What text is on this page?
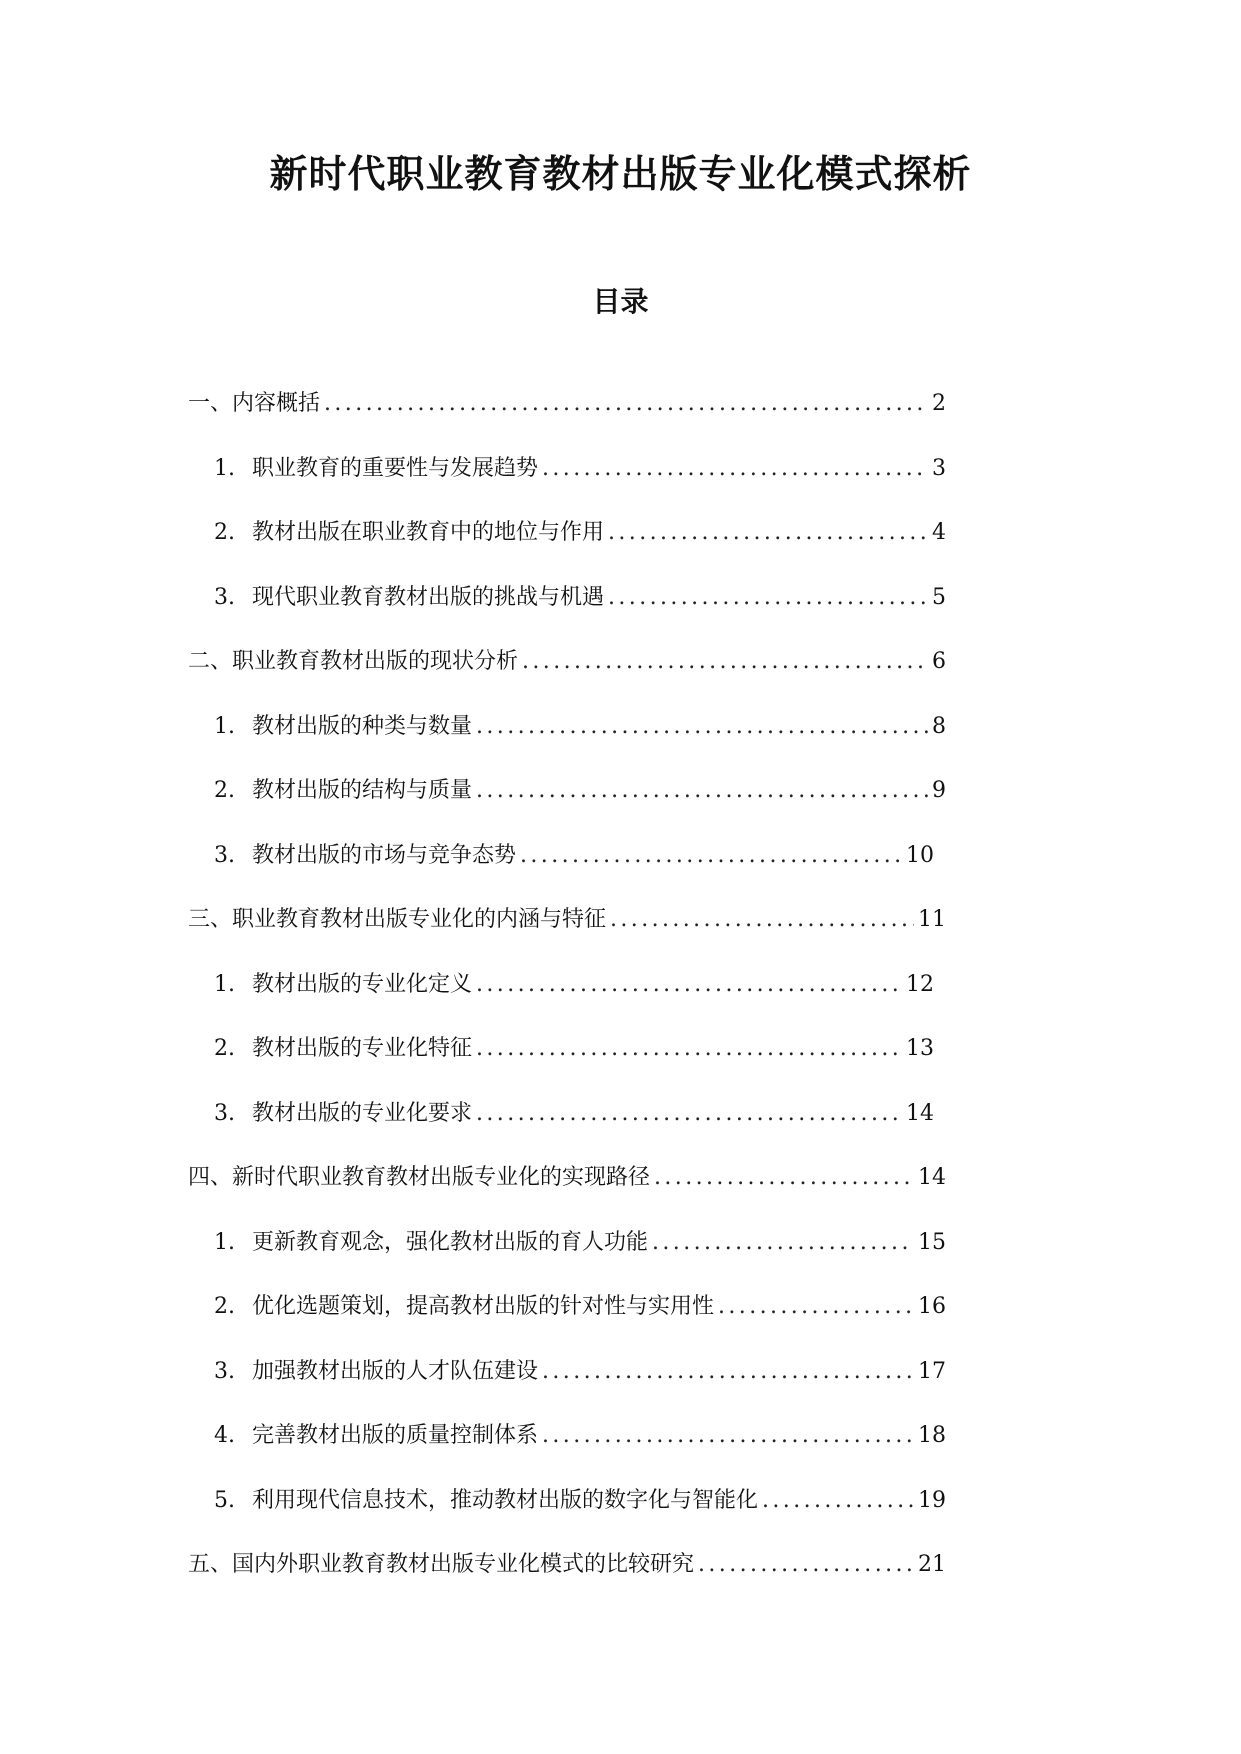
新时代职业教育教材出版专业化模式探析
目录
一、内容概括 .....	2
1. 职业教育的重要性与发展趋势 .....	3
2. 教材出版在职业教育中的地位与作用 .....	4
3. 现代职业教育教材出版的挑战与机遇 .....	5
二、职业教育教材出版的现状分析 .....	6
1. 教材出版的种类与数量 .....	8
2. 教材出版的结构与质量 .....	9
3. 教材出版的市场与竞争态势 .....	10
三、职业教育教材出版专业化的内涵与特征 .....	11
1. 教材出版的专业化定义 .....	12
2. 教材出版的专业化特征 .....	13
3. 教材出版的专业化要求 .....	14
四、新时代职业教育教材出版专业化的实现路径 .....	14
1. 更新教育观念，强化教材出版的育人功能 .....	15
2. 优化选题策划，提高教材出版的针对性与实用性 .....	16
3. 加强教材出版的人才队伍建设 .....	17
4. 完善教材出版的质量控制体系 .....	18
5. 利用现代信息技术，推动教材出版的数字化与智能化 .....	19
五、国内外职业教育教材出版专业化模式的比较研究 .....	21
